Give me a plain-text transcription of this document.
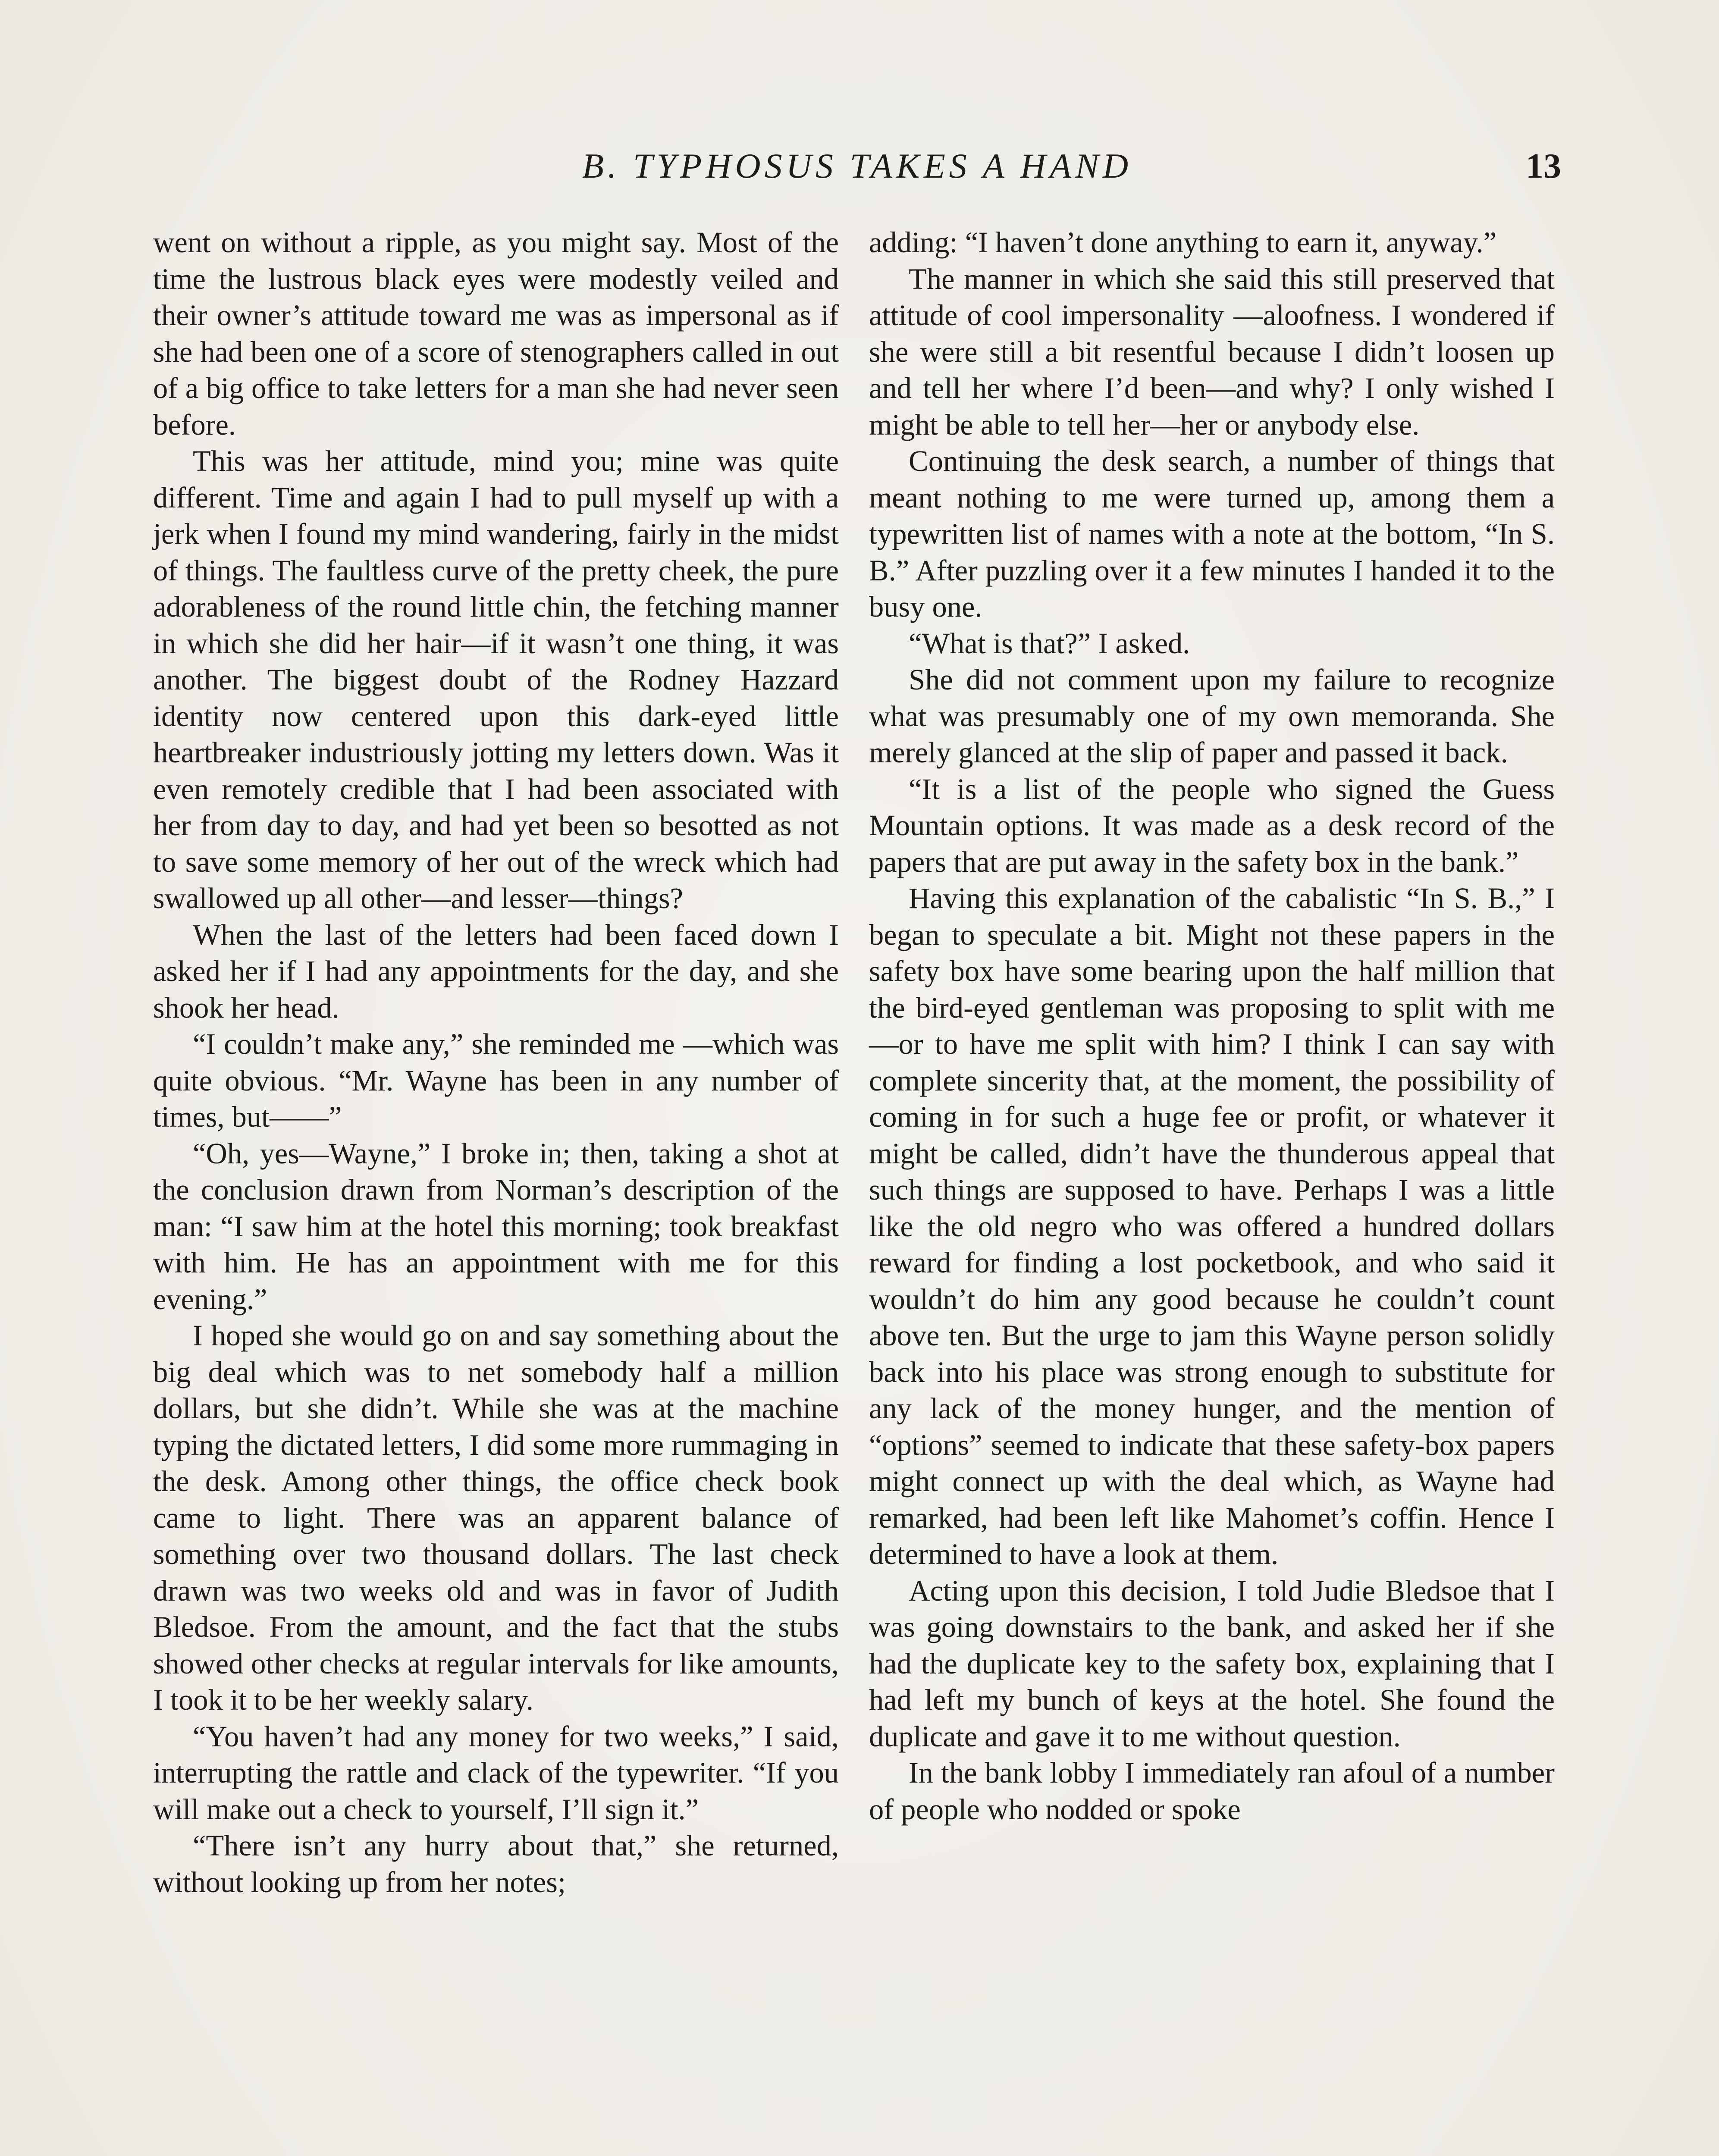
B. TYPHOSUS TAKES A HAND	13

went on without a ripple, as you might say. Most of the time the lustrous black eyes were modestly veiled and their owner’s attitude toward me was as impersonal as if she had been one of a score of stenographers called in out of a big office to take letters for a man she had never seen before.

This was her attitude, mind you; mine was quite different. Time and again I had to pull myself up with a jerk when I found my mind wandering, fairly in the midst of things. The faultless curve of the pretty cheek, the pure adorableness of the round little chin, the fetching manner in which she did her hair—if it wasn’t one thing, it was another. The biggest doubt of the Rodney Hazzard identity now centered upon this dark-eyed little heartbreaker industriously jotting my letters down. Was it even remotely credible that I had been associated with her from day to day, and had yet been so besotted as not to save some memory of her out of the wreck which had swallowed up all other—and lesser—things?

When the last of the letters had been faced down I asked her if I had any appointments for the day, and she shook her head.

“I couldn’t make any,” she reminded me —which was quite obvious. “Mr. Wayne has been in any number of times, but——”

“Oh, yes—Wayne,” I broke in; then, taking a shot at the conclusion drawn from Norman’s description of the man: “I saw him at the hotel this morning; took breakfast with him. He has an appointment with me for this evening.”

I hoped she would go on and say something about the big deal which was to net somebody half a million dollars, but she didn’t. While she was at the machine typing the dictated letters, I did some more rummaging in the desk. Among other things, the office check book came to light. There was an apparent balance of something over two thousand dollars. The last check drawn was two weeks old and was in favor of Judith Bledsoe. From the amount, and the fact that the stubs showed other checks at regular intervals for like amounts, I took it to be her weekly salary.

“You haven’t had any money for two weeks,” I said, interrupting the rattle and clack of the typewriter. “If you will make out a check to yourself, I’ll sign it.”

“There isn’t any hurry about that,” she returned, without looking up from her notes;

adding: “I haven’t done anything to earn it, anyway.”

The manner in which she said this still preserved that attitude of cool impersonality —aloofness. I wondered if she were still a bit resentful because I didn’t loosen up and tell her where I’d been—and why? I only wished I might be able to tell her—her or anybody else.

Continuing the desk search, a number of things that meant nothing to me were turned up, among them a typewritten list of names with a note at the bottom, “In S. B.” After puzzling over it a few minutes I handed it to the busy one.

“What is that?” I asked.

She did not comment upon my failure to recognize what was presumably one of my own memoranda. She merely glanced at the slip of paper and passed it back.

“It is a list of the people who signed the Guess Mountain options. It was made as a desk record of the papers that are put away in the safety box in the bank.”

Having this explanation of the cabalistic “In S. B.,” I began to speculate a bit. Might not these papers in the safety box have some bearing upon the half million that the bird-eyed gentleman was proposing to split with me—or to have me split with him? I think I can say with complete sincerity that, at the moment, the possibility of coming in for such a huge fee or profit, or whatever it might be called, didn’t have the thunderous appeal that such things are supposed to have. Perhaps I was a little like the old negro who was offered a hundred dollars reward for finding a lost pocketbook, and who said it wouldn’t do him any good because he couldn’t count above ten. But the urge to jam this Wayne person solidly back into his place was strong enough to substitute for any lack of the money hunger, and the mention of “options” seemed to indicate that these safety-box papers might connect up with the deal which, as Wayne had remarked, had been left like Mahomet’s coffin. Hence I determined to have a look at them.

Acting upon this decision, I told Judie Bledsoe that I was going downstairs to the bank, and asked her if she had the duplicate key to the safety box, explaining that I had left my bunch of keys at the hotel. She found the duplicate and gave it to me without question.

In the bank lobby I immediately ran afoul of a number of people who nodded or spoke
